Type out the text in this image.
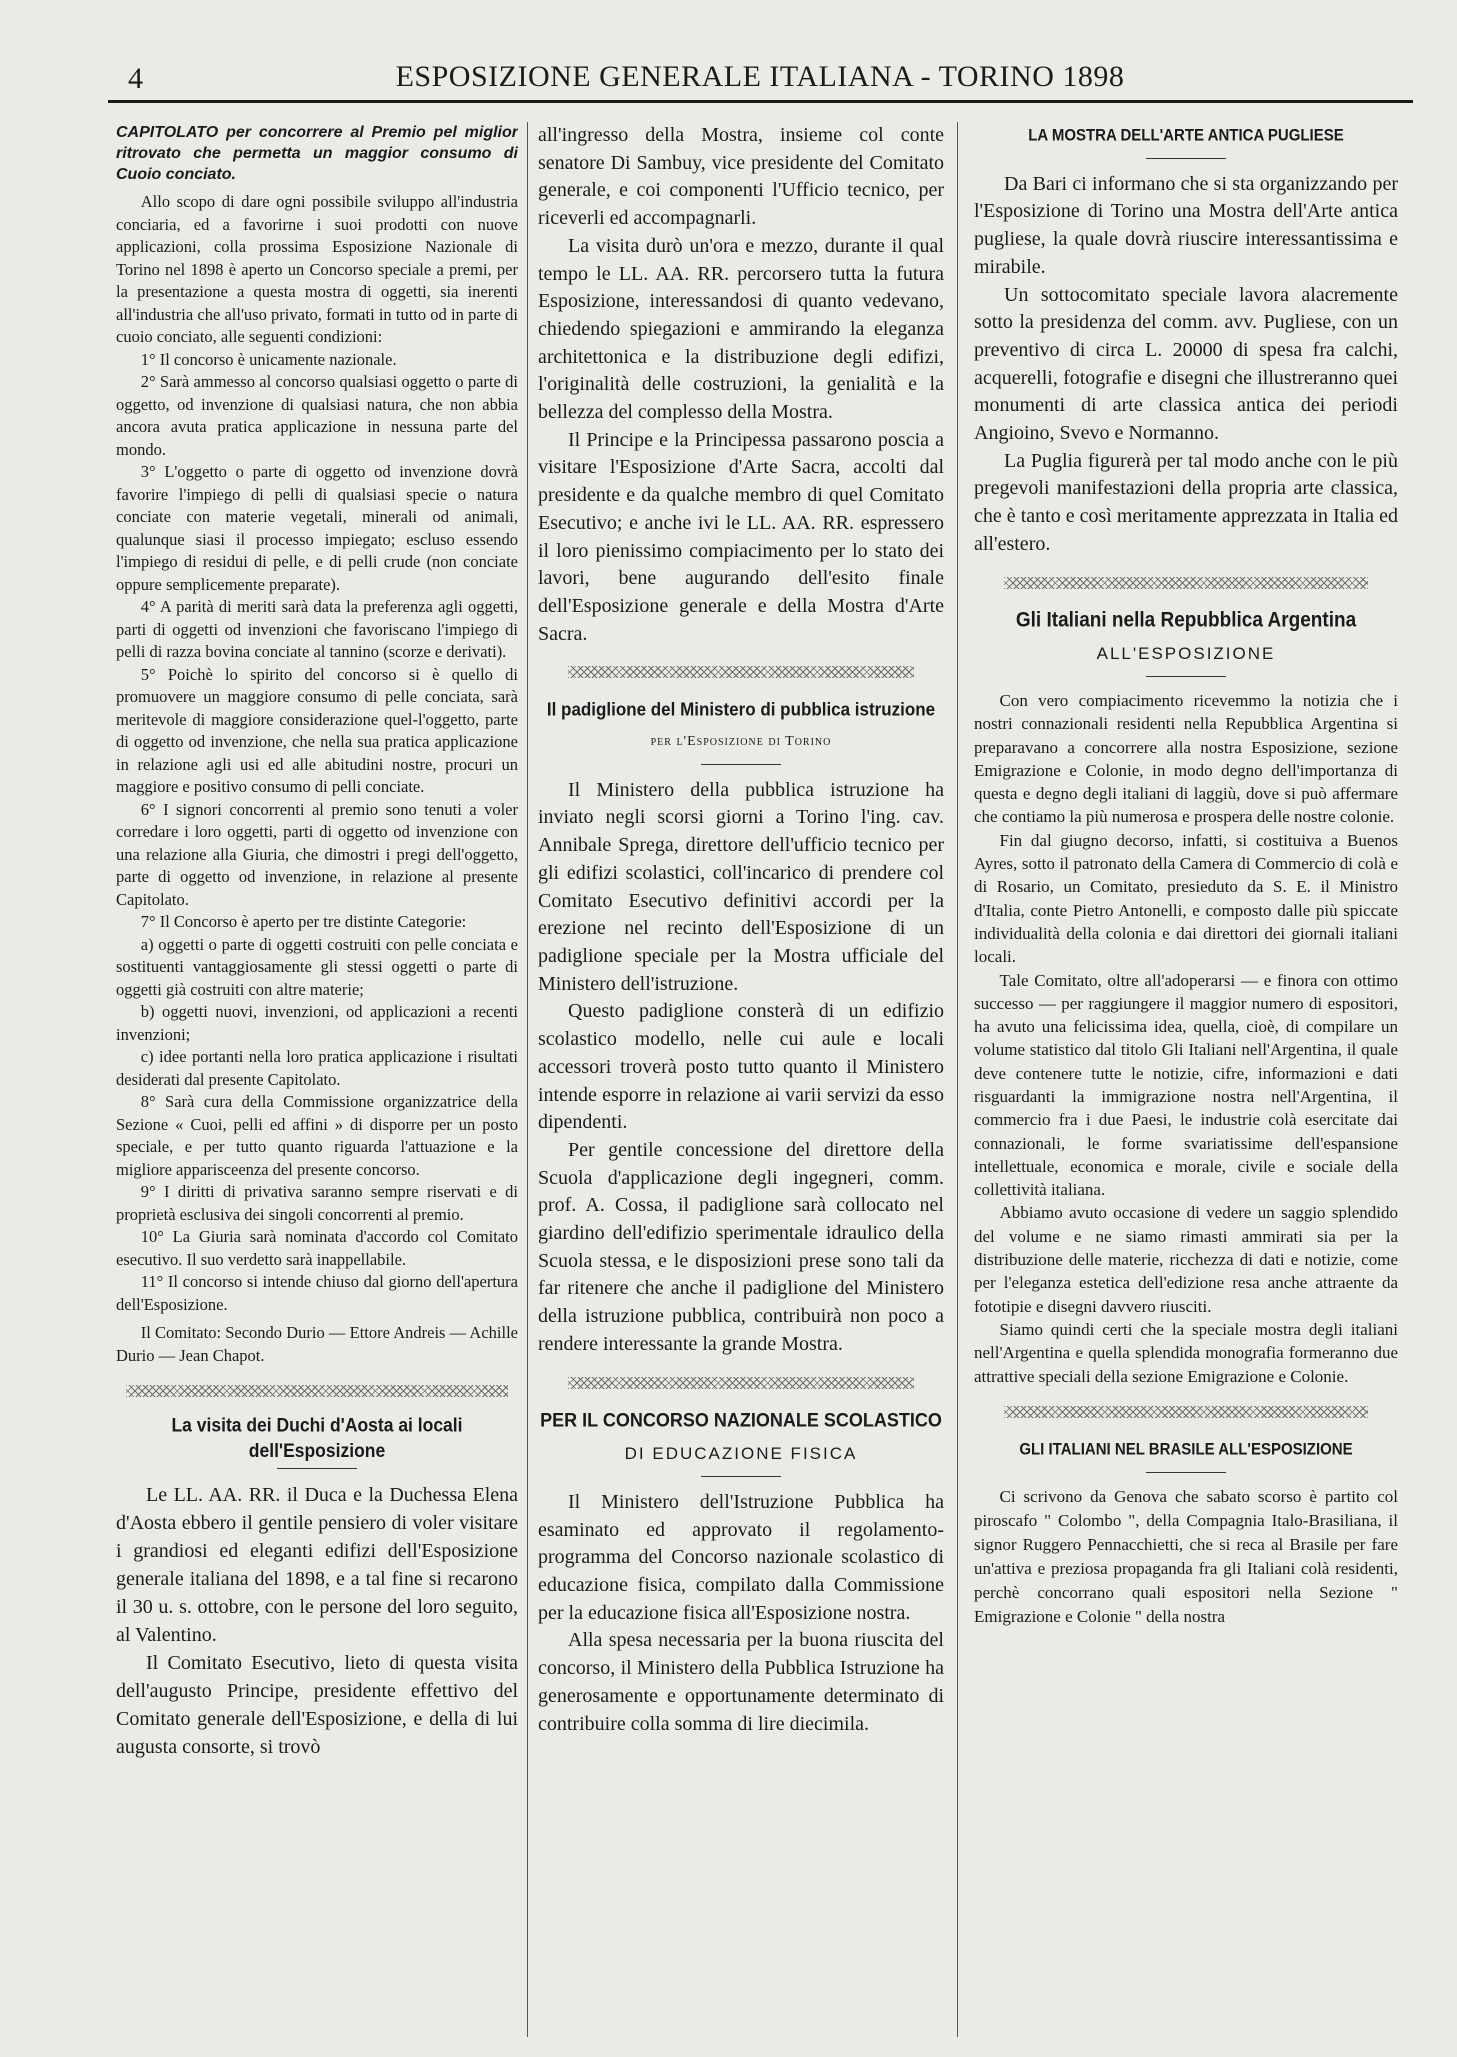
4	ESPOSIZIONE GENERALE ITALIANA - TORINO 1898
CAPITOLATO per concorrere al Premio pel miglior ritrovato che permetta un maggior consumo di Cuoio conciato.

Allo scopo di dare ogni possibile sviluppo all'industria conciaria, ed a favorirne i suoi prodotti con nuove applicazioni, colla prossima Esposizione Nazionale di Torino nel 1898 è aperto un Concorso speciale a premi, per la presentazione a questa mostra di oggetti, sia inerenti all'industria che all'uso privato, formati in tutto od in parte di cuoio conciato, alle seguenti condizioni:

1° Il concorso è unicamente nazionale.

2° Sarà ammesso al concorso qualsiasi oggetto o parte di oggetto, od invenzione di qualsiasi natura, che non abbia ancora avuta pratica applicazione in nessuna parte del mondo.

3° L'oggetto o parte di oggetto od invenzione dovrà favorire l'impiego di pelli di qualsiasi specie o natura conciate con materie vegetali, minerali od animali, qualunque siasi il processo impiegato; escluso essendo l'impiego di residui di pelle, e di pelli crude (non conciate oppure semplicemente preparate).

4° A parità di meriti sarà data la preferenza agli oggetti, parti di oggetti od invenzioni che favoriscano l'impiego di pelli di razza bovina conciate al tannino (scorze e derivati).

5° Poichè lo spirito del concorso si è quello di promuovere un maggiore consumo di pelle conciata, sarà meritevole di maggiore considerazione quel-l'oggetto, parte di oggetto od invenzione, che nella sua pratica applicazione in relazione agli usi ed alle abitudini nostre, procuri un maggiore e positivo consumo di pelli conciate.

6° I signori concorrenti al premio sono tenuti a voler corredare i loro oggetti, parti di oggetto od invenzione con una relazione alla Giuria, che dimostri i pregi dell'oggetto, parte di oggetto od invenzione, in relazione al presente Capitolato.

7° Il Concorso è aperto per tre distinte Categorie:

a) oggetti o parte di oggetti costruiti con pelle conciata e sostituenti vantaggiosamente gli stessi oggetti o parte di oggetti già costruiti con altre materie;

b) oggetti nuovi, invenzioni, od applicazioni a recenti invenzioni;

c) idee portanti nella loro pratica applicazione i risultati desiderati dal presente Capitolato.

8° Sarà cura della Commissione organizzatrice della Sezione « Cuoi, pelli ed affini » di disporre per un posto speciale, e per tutto quanto riguarda l'attuazione e la migliore apparisceenza del presente concorso.

9° I diritti di privativa saranno sempre riservati e di proprietà esclusiva dei singoli concorrenti al premio.

10° La Giuria sarà nominata d'accordo col Comitato esecutivo. Il suo verdetto sarà inappellabile.

11° Il concorso si intende chiuso dal giorno dell'apertura dell'Esposizione.

Il Comitato: Secondo Durio — Ettore Andreis — Achille Durio — Jean Chapot.

La visita dei Duchi d'Aosta ai locali dell'Esposizione

Le LL. AA. RR. il Duca e la Duchessa Elena d'Aosta ebbero il gentile pensiero di voler visitare i grandiosi ed eleganti edifizi dell'Esposizione generale italiana del 1898, e a tal fine si recarono il 30 u. s. ottobre, con le persone del loro seguito, al Valentino.

Il Comitato Esecutivo, lieto di questa visita dell'augusto Principe, presidente effettivo del Comitato generale dell'Esposizione, e della di lui augusta consorte, si trovò

all'ingresso della Mostra, insieme col conte senatore Di Sambuy, vice presidente del Comitato generale, e coi componenti l'Ufficio tecnico, per riceverli ed accompagnarli.

La visita durò un'ora e mezzo, durante il qual tempo le LL. AA. RR. percorsero tutta la futura Esposizione, interessandosi di quanto vedevano, chiedendo spiegazioni e ammirando la eleganza architettonica e la distribuzione degli edifizi, l'originalità delle costruzioni, la genialità e la bellezza del complesso della Mostra.

Il Principe e la Principessa passarono poscia a visitare l'Esposizione d'Arte Sacra, accolti dal presidente e da qualche membro di quel Comitato Esecutivo; e anche ivi le LL. AA. RR. espressero il loro pienissimo compiacimento per lo stato dei lavori, bene augurando dell'esito finale dell'Esposizione generale e della Mostra d'Arte Sacra.

Il padiglione del Ministero di pubblica istruzione
per l'Esposizione di Torino

Il Ministero della pubblica istruzione ha inviato negli scorsi giorni a Torino l'ing. cav. Annibale Sprega, direttore dell'ufficio tecnico per gli edifizi scolastici, coll'incarico di prendere col Comitato Esecutivo definitivi accordi per la erezione nel recinto dell'Esposizione di un padiglione speciale per la Mostra ufficiale del Ministero dell'istruzione.

Questo padiglione consterà di un edifizio scolastico modello, nelle cui aule e locali accessori troverà posto tutto quanto il Ministero intende esporre in relazione ai varii servizi da esso dipendenti.

Per gentile concessione del direttore della Scuola d'applicazione degli ingegneri, comm. prof. A. Cossa, il padiglione sarà collocato nel giardino dell'edifizio sperimentale idraulico della Scuola stessa, e le disposizioni prese sono tali da far ritenere che anche il padiglione del Ministero della istruzione pubblica, contribuirà non poco a rendere interessante la grande Mostra.

PER IL CONCORSO NAZIONALE SCOLASTICO
DI EDUCAZIONE FISICA

Il Ministero dell'Istruzione Pubblica ha esaminato ed approvato il regolamento-programma del Concorso nazionale scolastico di educazione fisica, compilato dalla Commissione per la educazione fisica all'Esposizione nostra.

Alla spesa necessaria per la buona riuscita del concorso, il Ministero della Pubblica Istruzione ha generosamente e opportunamente determinato di contribuire colla somma di lire diecimila.

LA MOSTRA DELL'ARTE ANTICA PUGLIESE

Da Bari ci informano che si sta organizzando per l'Esposizione di Torino una Mostra dell'Arte antica pugliese, la quale dovrà riuscire interessantissima e mirabile.

Un sottocomitato speciale lavora alacremente sotto la presidenza del comm. avv. Pugliese, con un preventivo di circa L. 20000 di spesa fra calchi, acquerelli, fotografie e disegni che illustreranno quei monumenti di arte classica antica dei periodi Angioino, Svevo e Normanno.

La Puglia figurerà per tal modo anche con le più pregevoli manifestazioni della propria arte classica, che è tanto e così meritamente apprezzata in Italia ed all'estero.

Gli Italiani nella Repubblica Argentina
ALL'ESPOSIZIONE

Con vero compiacimento ricevemmo la notizia che i nostri connazionali residenti nella Repubblica Argentina si preparavano a concorrere alla nostra Esposizione, sezione Emigrazione e Colonie, in modo degno dell'importanza di questa e degno degli italiani di laggiù, dove si può affermare che contiamo la più numerosa e prospera delle nostre colonie.

Fin dal giugno decorso, infatti, si costituiva a Buenos Ayres, sotto il patronato della Camera di Commercio di colà e di Rosario, un Comitato, presieduto da S. E. il Ministro d'Italia, conte Pietro Antonelli, e composto dalle più spiccate individualità della colonia e dai direttori dei giornali italiani locali.

Tale Comitato, oltre all'adoperarsi — e finora con ottimo successo — per raggiungere il maggior numero di espositori, ha avuto una felicissima idea, quella, cioè, di compilare un volume statistico dal titolo Gli Italiani nell'Argentina, il quale deve contenere tutte le notizie, cifre, informazioni e dati risguardanti la immigrazione nostra nell'Argentina, il commercio fra i due Paesi, le industrie colà esercitate dai connazionali, le forme svariatissime dell'espansione intellettuale, economica e morale, civile e sociale della collettività italiana.

Abbiamo avuto occasione di vedere un saggio splendido del volume e ne siamo rimasti ammirati sia per la distribuzione delle materie, ricchezza di dati e notizie, come per l'eleganza estetica dell'edizione resa anche attraente da fototipie e disegni davvero riusciti.

Siamo quindi certi che la speciale mostra degli italiani nell'Argentina e quella splendida monografia formeranno due attrattive speciali della sezione Emigrazione e Colonie.

GLI ITALIANI NEL BRASILE ALL'ESPOSIZIONE

Ci scrivono da Genova che sabato scorso è partito col piroscafo " Colombo ", della Compagnia Italo-Brasiliana, il signor Ruggero Pennacchietti, che si reca al Brasile per fare un'attiva e preziosa propaganda fra gli Italiani colà residenti, perchè concorrano quali espositori nella Sezione " Emigrazione e Colonie " della nostra
